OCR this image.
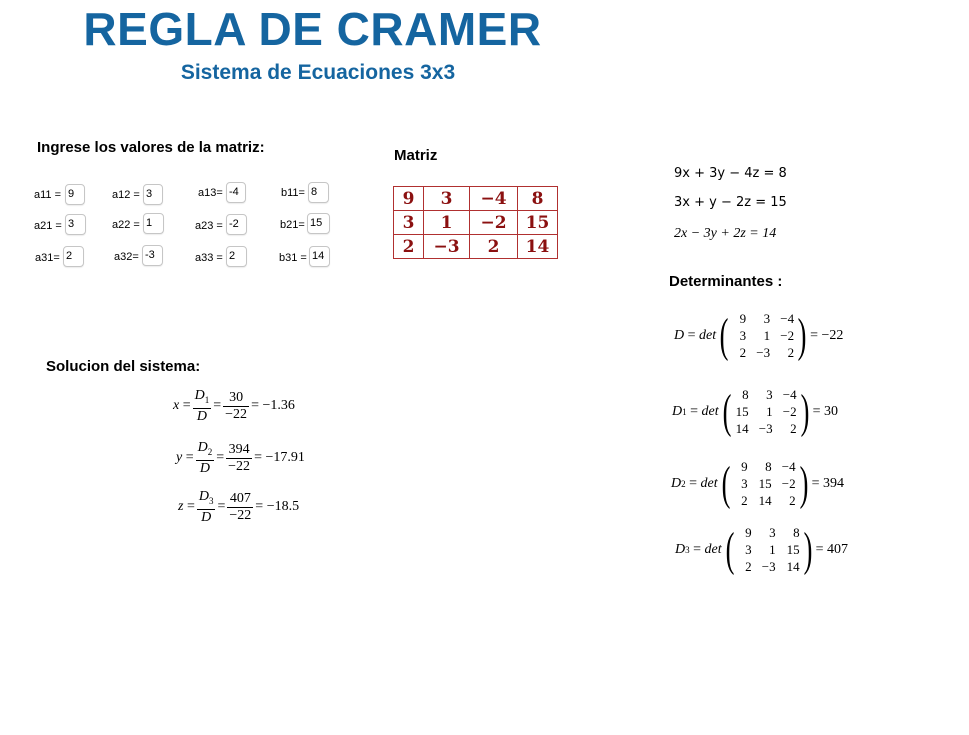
REGLA DE CRAMER
Sistema de Ecuaciones 3x3
Ingrese los valores de la matriz:
a11 = 9	a12 = 3	a13= -4	b11= 8
a21 = 3	a22 = 1	a23 = -2	b21= 15
a31= 2	a32= -3	a33 = 2	b31 = 14
Matriz
9	3	−4	8
3	1	−2	15
2	−3	2	14
9x + 3y − 4z = 8
3x + y − 2z = 15
2x − 3y + 2z = 14
Solucion del sistema:
x
= $\frac{D_1}{D} = \frac{30}{-22} = -1.36$
y
= $\frac{D_2}{D} = \frac{394}{-22} = -17.91$
z
= $\frac{D_3}{D} = \frac{407}{-22} = -18.5$
Determinantes :
D = det ( 9	3 −4
3	1 −2
2 −3	2 ) = −22
D 1 = det ( 8	3 −4
15	1 −2
14 −3	2 ) = 30
D 2 = det ( 9	8 −4
3 15 −2
2 14	2 ) = 394
D 3 = det ( 9	3	8
3	1 15
2 −3 14 ) = 407
